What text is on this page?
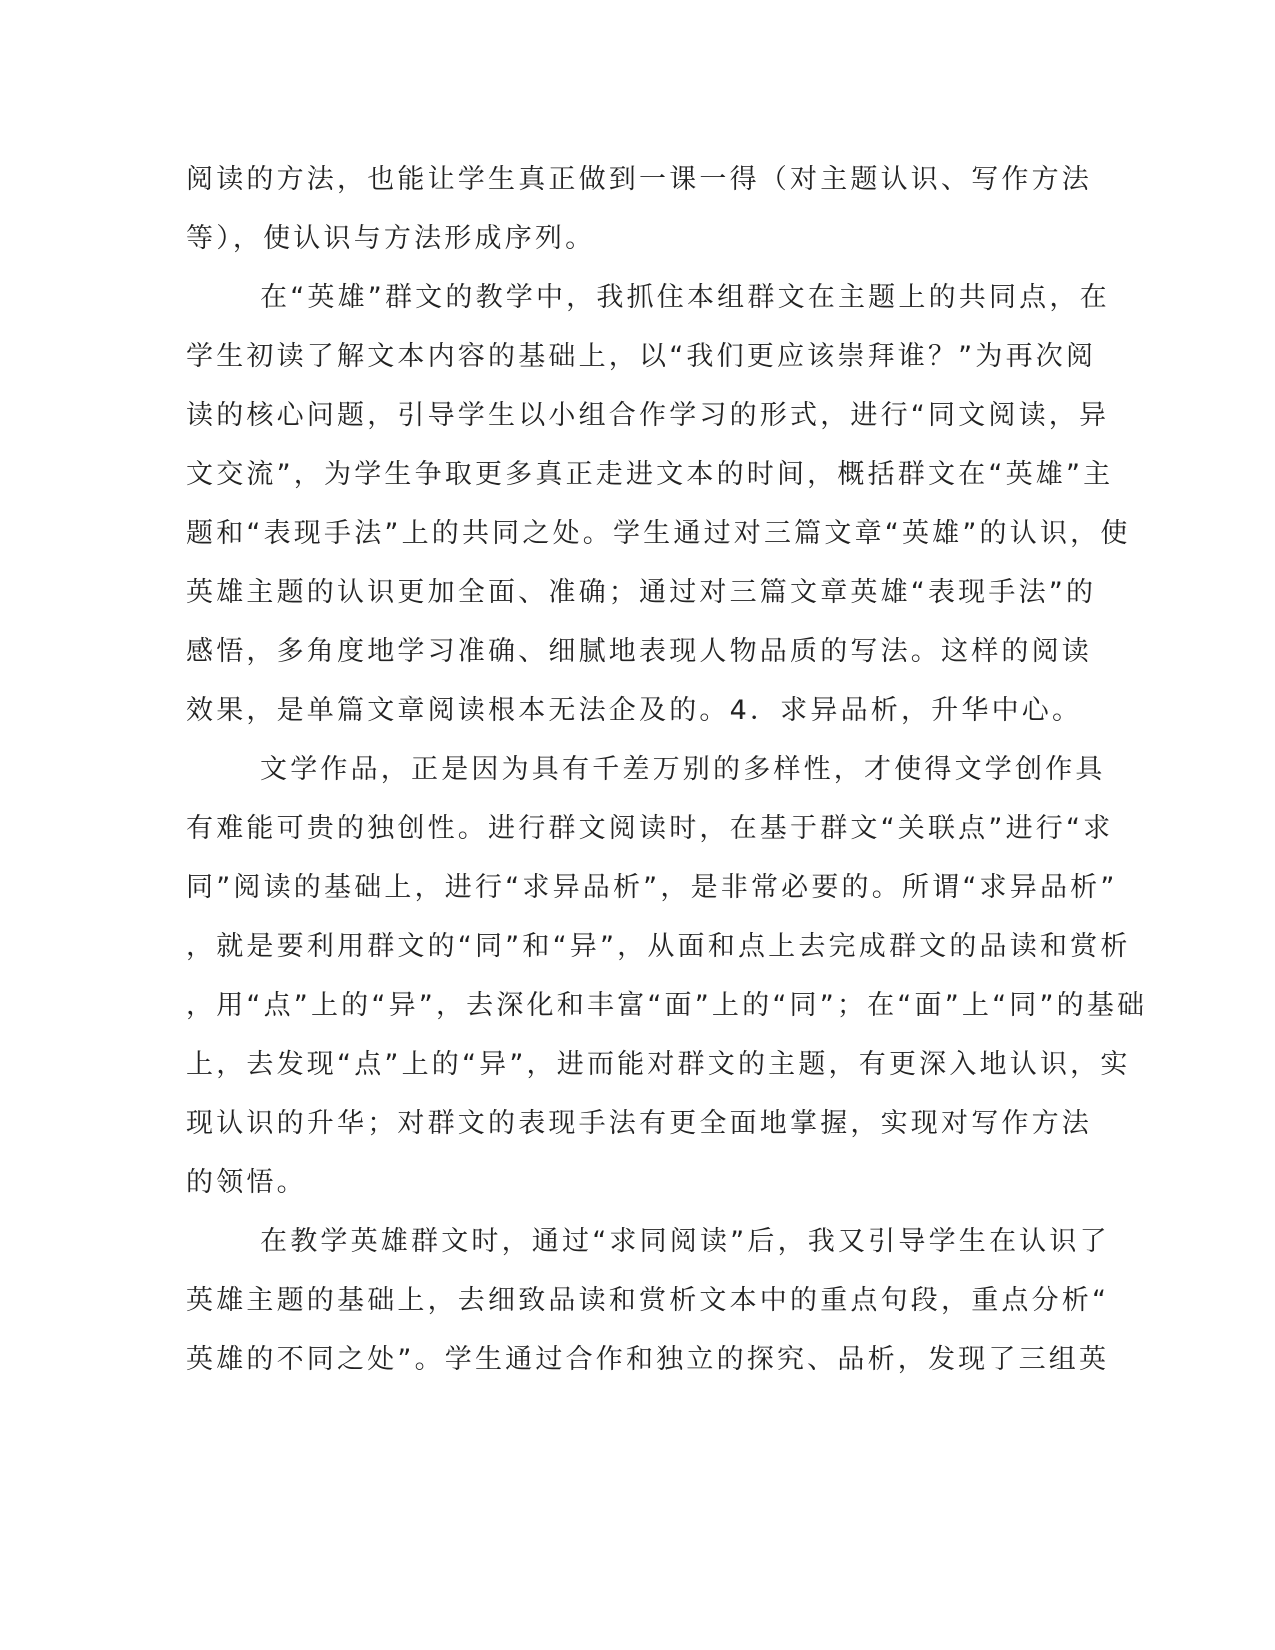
阅读的方法，也能让学生真正做到一课一得（对主题认识、写作方法
等），使认识与方法形成序列。
在“英雄”群文的教学中，我抓住本组群文在主题上的共同点，在
学生初读了解文本内容的基础上，以“我们更应该崇拜谁？”为再次阅
读的核心问题，引导学生以小组合作学习的形式，进行“同文阅读，异
文交流”，为学生争取更多真正走进文本的时间，概括群文在“英雄”主
题和“表现手法”上的共同之处。学生通过对三篇文章“英雄”的认识，使
英雄主题的认识更加全面、准确；通过对三篇文章英雄“表现手法”的
感悟，多角度地学习准确、细腻地表现人物品质的写法。这样的阅读
效果，是单篇文章阅读根本无法企及的。4．求异品析，升华中心。
文学作品，正是因为具有千差万别的多样性，才使得文学创作具
有难能可贵的独创性。进行群文阅读时，在基于群文“关联点”进行“求
同”阅读的基础上，进行“求异品析”，是非常必要的。所谓“求异品析”
，就是要利用群文的“同”和“异”，从面和点上去完成群文的品读和赏析
，用“点”上的“异”，去深化和丰富“面”上的“同”；在“面”上“同”的基础
上，去发现“点”上的“异”，进而能对群文的主题，有更深入地认识，实
现认识的升华；对群文的表现手法有更全面地掌握，实现对写作方法
的领悟。
在教学英雄群文时，通过“求同阅读”后，我又引导学生在认识了
英雄主题的基础上，去细致品读和赏析文本中的重点句段，重点分析“
英雄的不同之处”。学生通过合作和独立的探究、品析，发现了三组英
